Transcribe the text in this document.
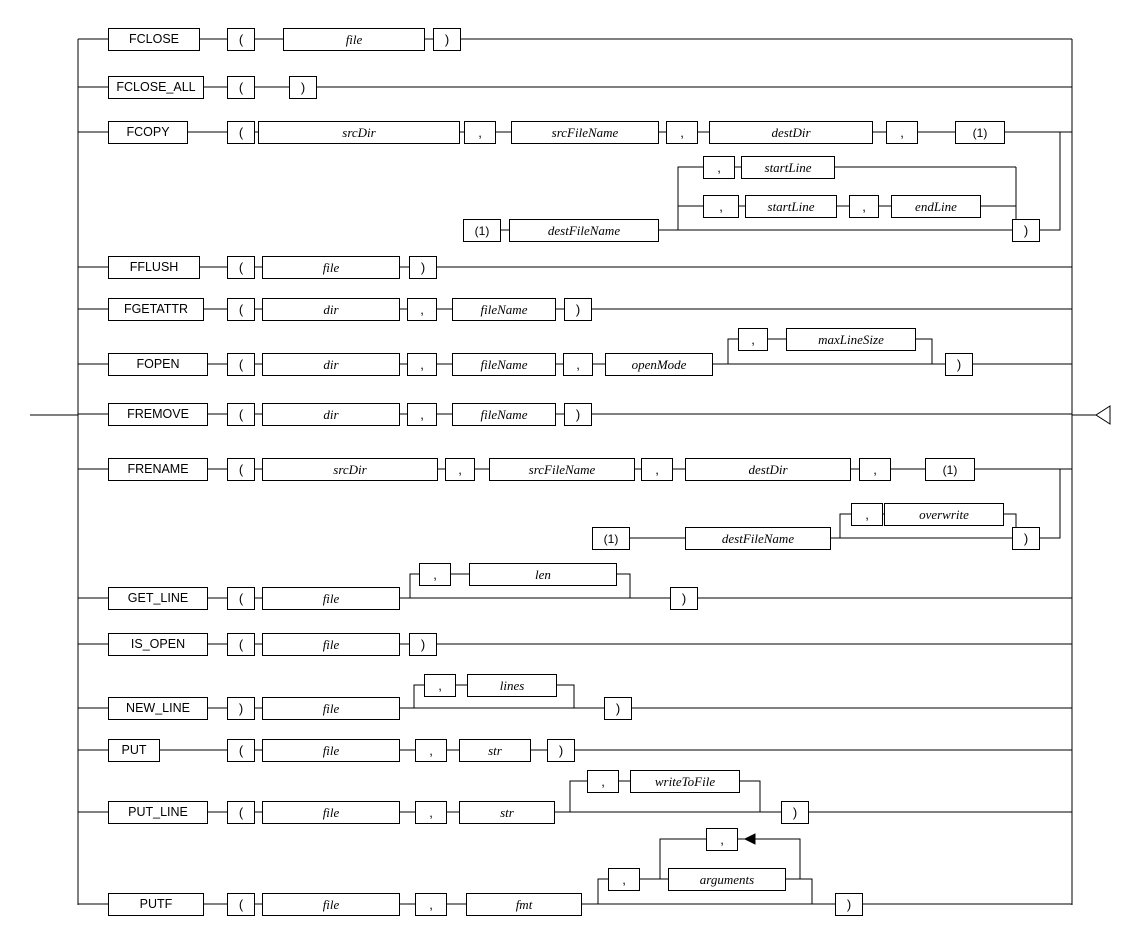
FCLOSE	(	file	)
FCLOSE_ALL	(	)
FCOPY	(	srcDir	,	srcFileName	,	destDir	,	(1)
,	startLine
,	startLine	,	endLine
(1)	destFileName	)
FFLUSH	(	file	)
FGETATTR	(	dir	,	fileName	)
FOPEN	(	dir	,	fileName	,	openMode
,	maxLineSize
)
FREMOVE	(	dir	,	fileName	)
FRENAME	(	srcDir	,	srcFileName	,	destDir	,	(1)
,	overwrite
(1)	destFileName	)
GET_LINE	(	file
,	len
)
IS_OPEN	(	file	)
NEW_LINE	)	file
,	lines
)
PUT	(	file	,	str	)
PUT_LINE	(	file	,	str
,	writeToFile
)
PUTF	(	file	,	fmt
,	arguments
,
)
